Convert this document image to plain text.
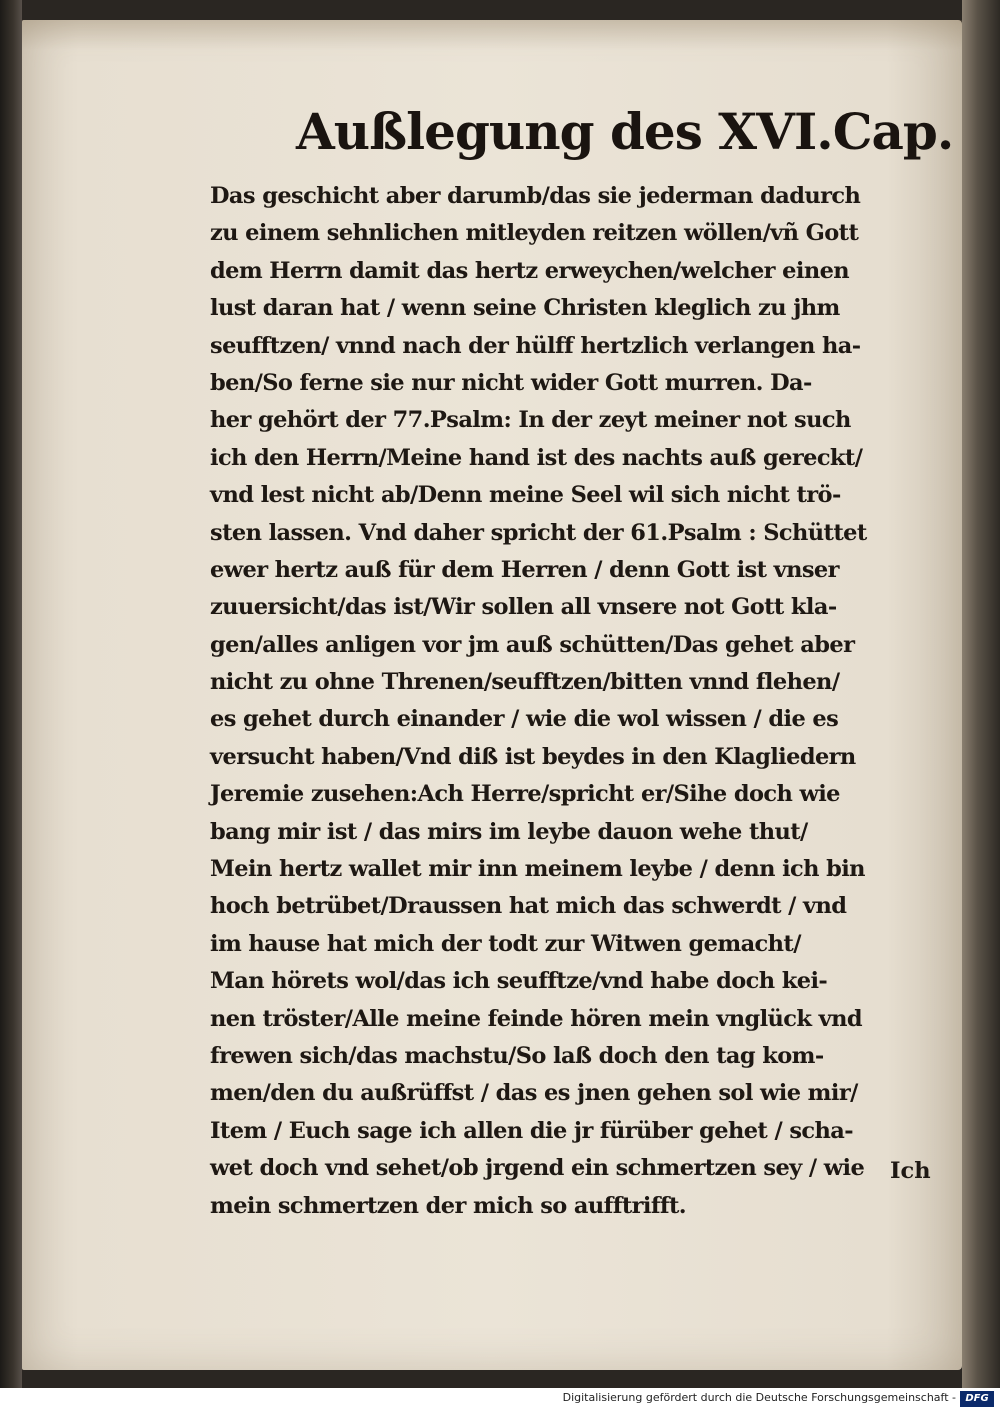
Außlegung des XVI.Cap.
Das geschicht aber darumb/das sie jederman dadurch
zu einem sehnlichen mitleyden reitzen wöllen/vñ Gott
dem Herrn damit das hertz erweychen/welcher einen
lust daran hat / wenn seine Christen kleglich zu jhm
seufftzen/ vnnd nach der hülff hertzlich verlangen ha-
ben/So ferne sie nur nicht wider Gott murren. Da-
her gehört der 77.Psalm: In der zeyt meiner not such
ich den Herrn/Meine hand ist des nachts auß gereckt/
vnd lest nicht ab/Denn meine Seel wil sich nicht trö-
sten lassen. Vnd daher spricht der 61.Psalm : Schüttet
ewer hertz auß für dem Herren / denn Gott ist vnser
zuuersicht/das ist/Wir sollen all vnsere not Gott kla-
gen/alles anligen vor jm auß schütten/Das gehet aber
nicht zu ohne Threnen/seufftzen/bitten vnnd flehen/
es gehet durch einander / wie die wol wissen / die es
versucht haben/Vnd diß ist beydes in den Klagliedern
Jeremie zusehen:Ach Herre/spricht er/Sihe doch wie
bang mir ist / das mirs im leybe dauon wehe thut/
Mein hertz wallet mir inn meinem leybe / denn ich bin
hoch betrübet/Draussen hat mich das schwerdt / vnd
im hause hat mich der todt zur Witwen gemacht/
Man hörets wol/das ich seufftze/vnd habe doch kei-
nen tröster/Alle meine feinde hören mein vnglück vnd
frewen sich/das machstu/So laß doch den tag kom-
men/den du außrüffst / das es jnen gehen sol wie mir/
Item / Euch sage ich allen die jr fürüber gehet / scha-
wet doch vnd sehet/ob jrgend ein schmertzen sey / wie
mein schmertzen der mich so aufftrifft.
Ich
Digitalisierung gefördert durch die Deutsche Forschungsgemeinschaft - DFG
